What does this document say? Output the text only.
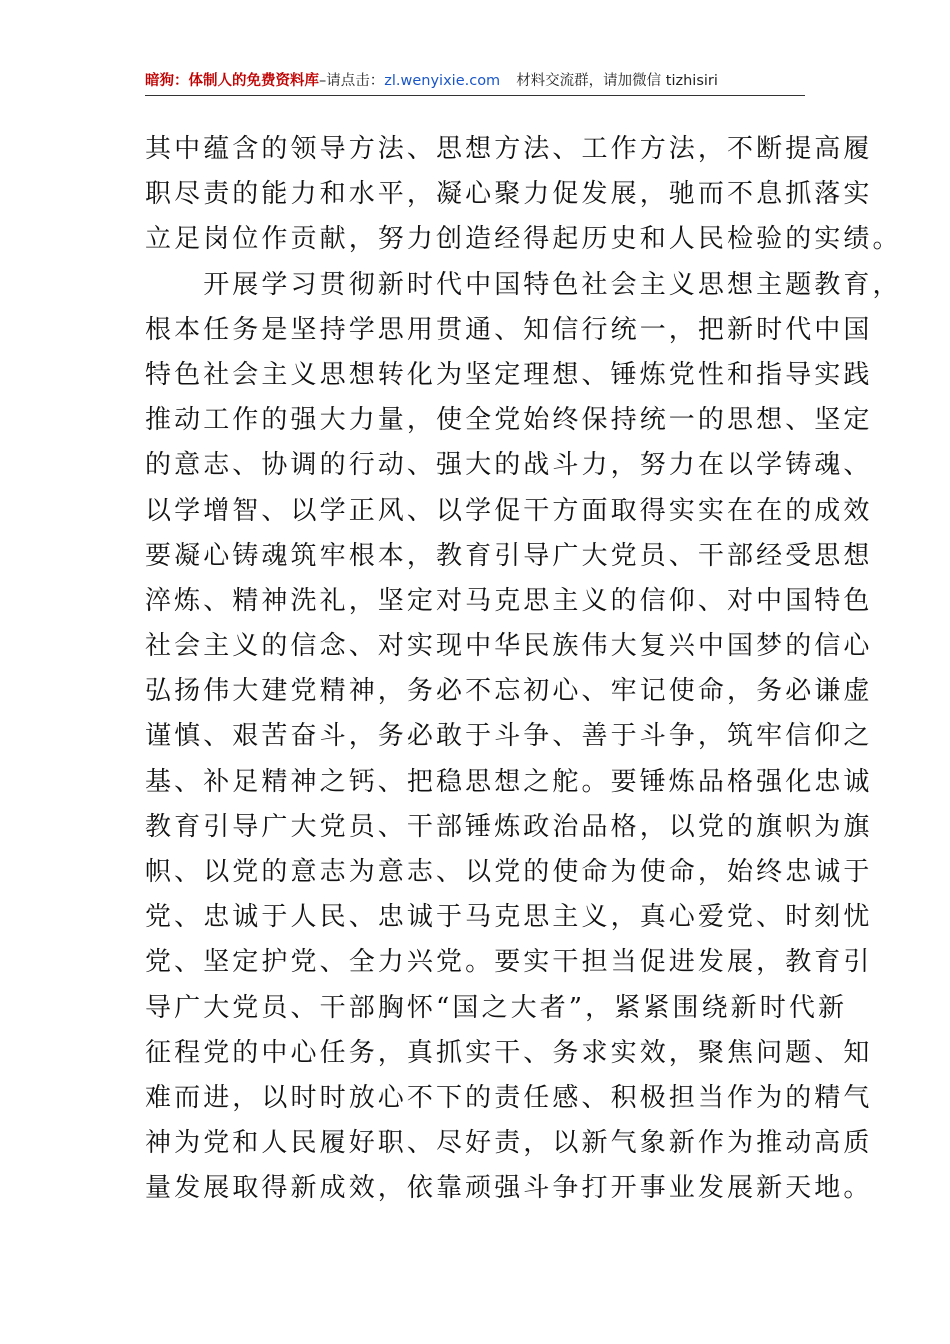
暗狗：体制人的免费资料库–请点击：zl.wenyixie.com 材料交流群，请加微信 tizhisiri
其中蕴含的领导方法、思想方法、工作方法，不断提高履
职尽责的能力和水平，凝心聚力促发展，驰而不息抓落实
立足岗位作贡献，努力创造经得起历史和人民检验的实绩。
　　开展学习贯彻新时代中国特色社会主义思想主题教育，
根本任务是坚持学思用贯通、知信行统一，把新时代中国
特色社会主义思想转化为坚定理想、锤炼党性和指导实践
推动工作的强大力量，使全党始终保持统一的思想、坚定
的意志、协调的行动、强大的战斗力，努力在以学铸魂、
以学增智、以学正风、以学促干方面取得实实在在的成效
要凝心铸魂筑牢根本，教育引导广大党员、干部经受思想
淬炼、精神洗礼，坚定对马克思主义的信仰、对中国特色
社会主义的信念、对实现中华民族伟大复兴中国梦的信心
弘扬伟大建党精神，务必不忘初心、牢记使命，务必谦虚
谨慎、艰苦奋斗，务必敢于斗争、善于斗争，筑牢信仰之
基、补足精神之钙、把稳思想之舵。要锤炼品格强化忠诚
教育引导广大党员、干部锤炼政治品格，以党的旗帜为旗
帜、以党的意志为意志、以党的使命为使命，始终忠诚于
党、忠诚于人民、忠诚于马克思主义，真心爱党、时刻忧
党、坚定护党、全力兴党。要实干担当促进发展，教育引
导广大党员、干部胸怀“国之大者”，紧紧围绕新时代新
征程党的中心任务，真抓实干、务求实效，聚焦问题、知
难而进，以时时放心不下的责任感、积极担当作为的精气
神为党和人民履好职、尽好责，以新气象新作为推动高质
量发展取得新成效，依靠顽强斗争打开事业发展新天地。
